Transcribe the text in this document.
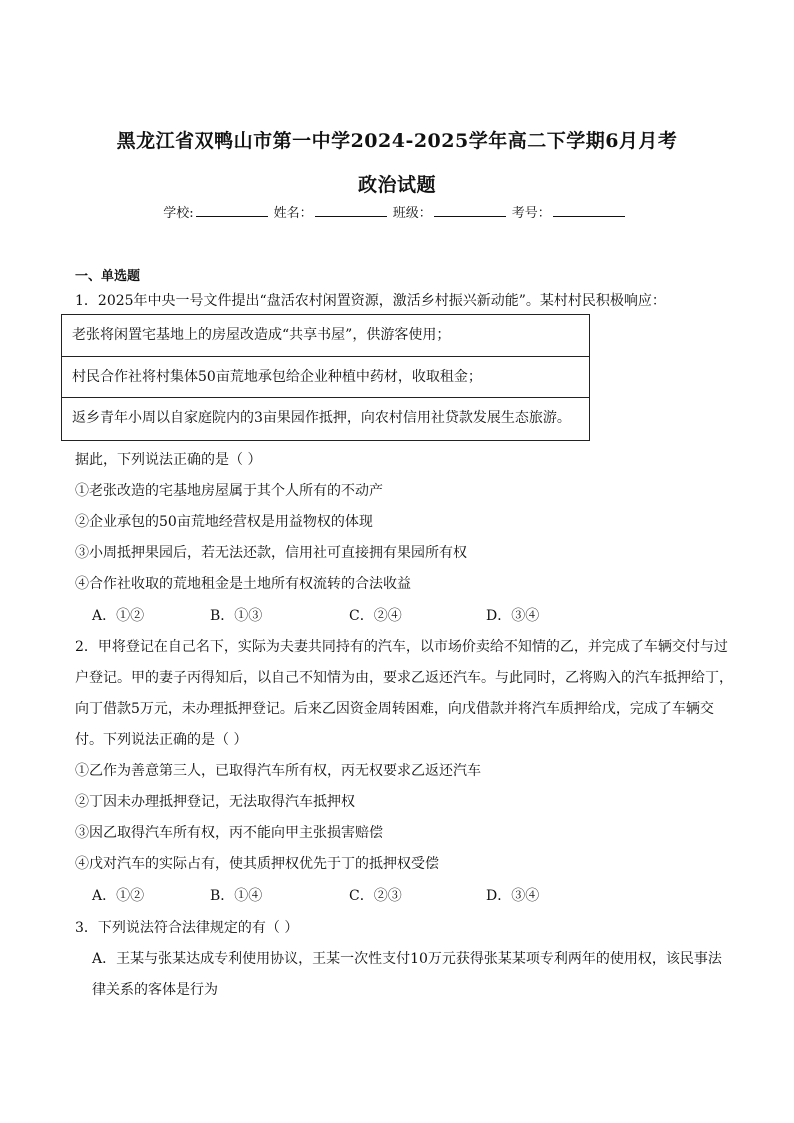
黑龙江省双鸭山市第一中学2024-2025学年高二下学期6月月考
政治试题
学校:	姓名：	班级：	考号：
一、单选题
1．2025年中央一号文件提出“盘活农村闲置资源，激活乡村振兴新动能”。某村村民积极响应：
老张将闲置宅基地上的房屋改造成“共享书屋”，供游客使用；
村民合作社将村集体50亩荒地承包给企业种植中药材，收取租金；
返乡青年小周以自家庭院内的3亩果园作抵押，向农村信用社贷款发展生态旅游。
据此，下列说法正确的是（ ）
①老张改造的宅基地房屋属于其个人所有的不动产
②企业承包的50亩荒地经营权是用益物权的体现
③小周抵押果园后，若无法还款，信用社可直接拥有果园所有权
④合作社收取的荒地租金是土地所有权流转的合法收益
A．①②	B．①③	C．②④	D．③④
2．甲将登记在自己名下，实际为夫妻共同持有的汽车，以市场价卖给不知情的乙，并完成了车辆交付与过
户登记。甲的妻子丙得知后，以自己不知情为由，要求乙返还汽车。与此同时，乙将购入的汽车抵押给丁，
向丁借款5万元，未办理抵押登记。后来乙因资金周转困难，向戊借款并将汽车质押给戊，完成了车辆交
付。下列说法正确的是（ ）
①乙作为善意第三人，已取得汽车所有权，丙无权要求乙返还汽车
②丁因未办理抵押登记，无法取得汽车抵押权
③因乙取得汽车所有权，丙不能向甲主张损害赔偿
④戊对汽车的实际占有，使其质押权优先于丁的抵押权受偿
A．①②	B．①④	C．②③	D．③④
3．下列说法符合法律规定的有（ ）
A．王某与张某达成专利使用协议，王某一次性支付10万元获得张某某项专利两年的使用权，该民事法
律关系的客体是行为
